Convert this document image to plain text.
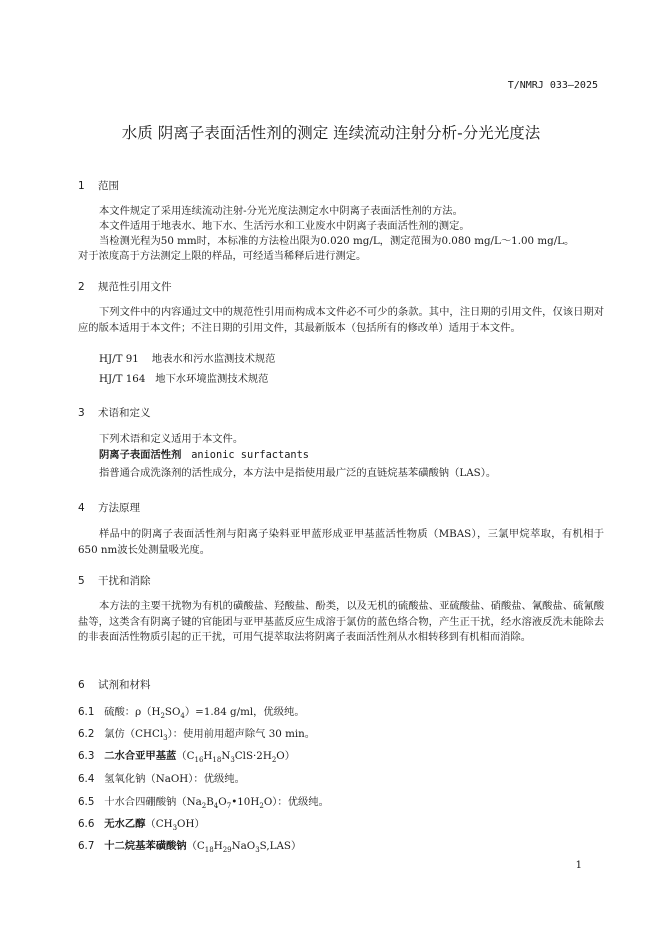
T/NMRJ 033—2025
水质 阴离子表面活性剂的测定 连续流动注射分析-分光光度法
1 范围
本文件规定了采用连续流动注射-分光光度法测定水中阴离子表面活性剂的方法。
本文件适用于地表水、地下水、生活污水和工业废水中阴离子表面活性剂的测定。
当检测光程为50 mm时，本标准的方法检出限为0.020 mg/L，测定范围为0.080 mg/L～1.00 mg/L。
对于浓度高于方法测定上限的样品，可经适当稀释后进行测定。
2 规范性引用文件
下列文件中的内容通过文中的规范性引用而构成本文件必不可少的条款。其中，注日期的引用文件，仅该日期对应的版本适用于本文件；不注日期的引用文件，其最新版本（包括所有的修改单）适用于本文件。
HJ/T 91    地表水和污水监测技术规范
HJ/T 164   地下水环境监测技术规范
3 术语和定义
下列术语和定义适用于本文件。
阴离子表面活性剂 anionic surfactants
指普通合成洗涤剂的活性成分，本方法中是指使用最广泛的直链烷基苯磺酸钠（LAS）。
4 方法原理
样品中的阴离子表面活性剂与阳离子染料亚甲蓝形成亚甲基蓝活性物质（MBAS），三氯甲烷萃取，有机相于650 nm波长处测量吸光度。
5 干扰和消除
本方法的主要干扰物为有机的磺酸盐、羟酸盐、酚类，以及无机的硫酸盐、亚硫酸盐、硝酸盐、氰酸盐、硫氰酸盐等，这类含有阴离子键的官能团与亚甲基蓝反应生成溶于氯仿的蓝色络合物，产生正干扰，经水溶液反洗未能除去的非表面活性物质引起的正干扰，可用气提萃取法将阴离子表面活性剂从水相转移到有机相而消除。
6 试剂和材料
6.1 硫酸：$\rho(H_2SO_4)=1.84$ g/ml，优级纯。
6.2 氯仿（CHCl$_3$）：使用前用超声除气 30 min。
6.3 二水合亚甲基蓝$(C_{16}H_{18}N_3ClS\cdot 2H_2O)$
6.4 氢氧化钠（NaOH）：优级纯。
6.5 十水合四硼酸钠$(Na_2B_4O_7•10H_2O)$：优级纯。
6.6 无水乙醇$(CH_3OH)$
6.7 十二烷基苯磺酸钠$(C_{18}H_{29}NaO_3S,LAS)$
1
